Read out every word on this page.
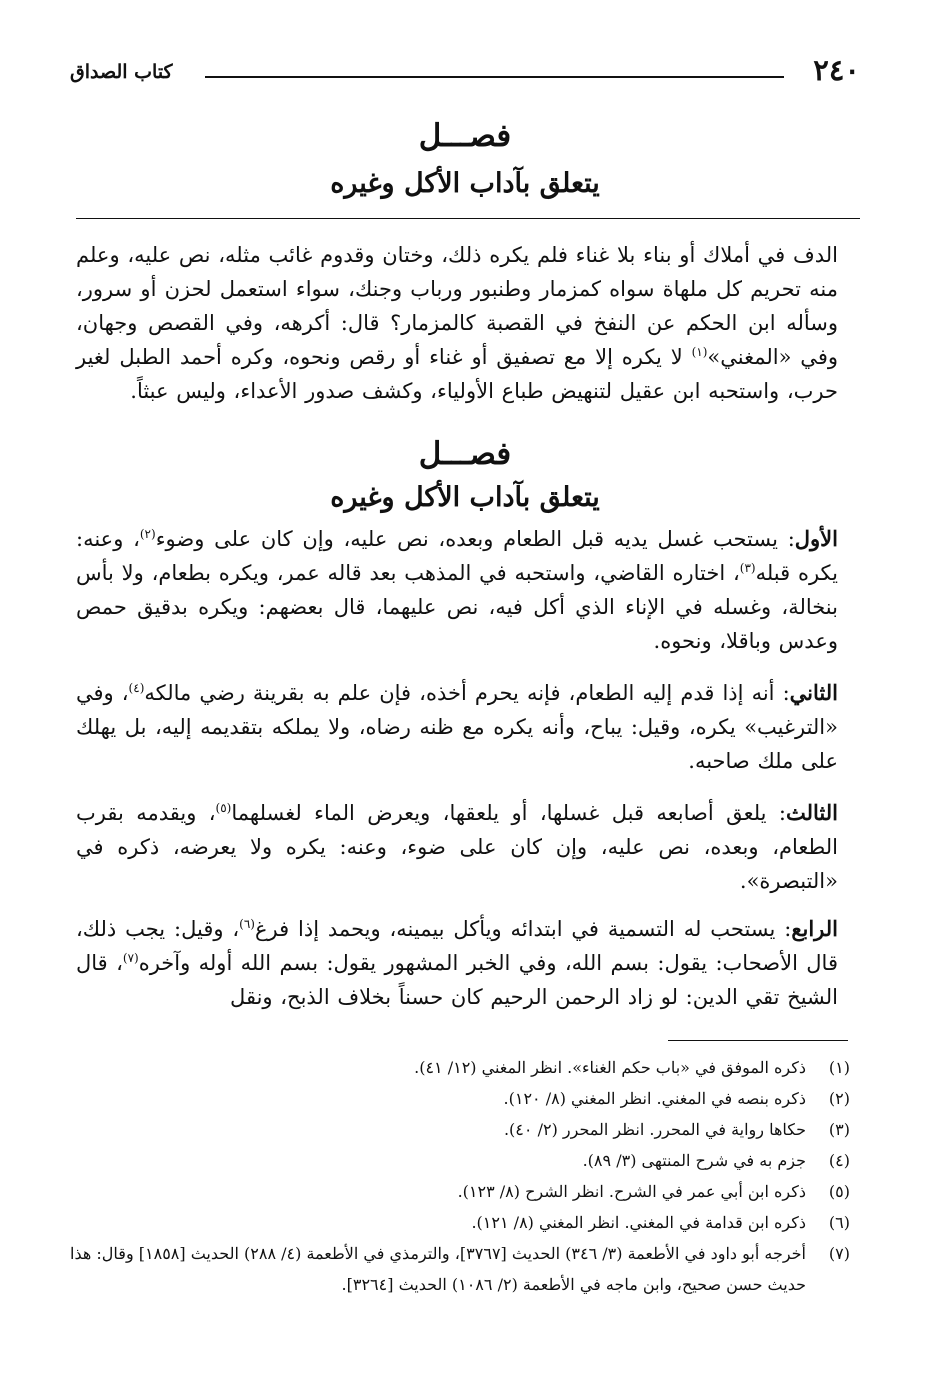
٢٤٠
كتاب الصداق
فصـــل
يتعلق بآداب الأكل وغيره

الدف في أملاك أو بناء بلا غناء فلم يكره ذلك، وختان وقدوم غائب مثله، نص عليه، وعلم منه تحريم كل ملهاة سواه كمزمار وطنبور ورباب وجنك، سواء استعمل لحزن أو سرور، وسأله ابن الحكم عن النفخ في القصبة كالمزمار؟ قال: أكرهه، وفي القصص وجهان، وفي «المغني»$^{(١)}$ لا يكره إلا مع تصفيق أو غناء أو رقص ونحوه، وكره أحمد الطبل لغير حرب، واستحبه ابن عقيل لتنهيض طباع الأولياء، وكشف صدور الأعداء، وليس عبثاً.

فصـــل
يتعلق بآداب الأكل وغيره

الأول: يستحب غسل يديه قبل الطعام وبعده، نص عليه، وإن كان على وضوء$^{(٢)}$، وعنه: يكره قبله$^{(٣)}$، اختاره القاضي، واستحبه في المذهب بعد قاله عمر، ويكره بطعام، ولا بأس بنخالة، وغسله في الإناء الذي أكل فيه، نص عليهما، قال بعضهم: ويكره بدقيق حمص وعدس وباقلا، ونحوه.

الثاني: أنه إذا قدم إليه الطعام، فإنه يحرم أخذه، فإن علم به بقرينة رضي مالكه$^{(٤)}$، وفي «الترغيب» يكره، وقيل: يباح، وأنه يكره مع ظنه رضاه، ولا يملكه بتقديمه إليه، بل يهلك على ملك صاحبه.

الثالث: يلعق أصابعه قبل غسلها، أو يلعقها، ويعرض الماء لغسلهما$^{(٥)}$، ويقدمه بقرب الطعام، وبعده، نص عليه، وإن كان على ضوء، وعنه: يكره ولا يعرضه، ذكره في «التبصرة».

الرابع: يستحب له التسمية في ابتدائه ويأكل بيمينه، ويحمد إذا فرغ$^{(٦)}$، وقيل: يجب ذلك، قال الأصحاب: يقول: بسم الله، وفي الخبر المشهور يقول: بسم الله أوله وآخره$^{(٧)}$، قال الشيخ تقي الدين: لو زاد الرحمن الرحيم كان حسناً بخلاف الذبح، ونقل

(١)
ذكره الموفق في «باب حكم الغناء». انظر المغني (١٢/ ٤١).
(٢)
ذكره بنصه في المغني. انظر المغني (٨/ ١٢٠).
(٣)
حكاها رواية في المحرر. انظر المحرر (٢/ ٤٠).
(٤)
جزم به في شرح المنتهى (٣/ ٨٩).
(٥)
ذكره ابن أبي عمر في الشرح. انظر الشرح (٨/ ١٢٣).
(٦)
ذكره ابن قدامة في المغني. انظر المغني (٨/ ١٢١).
(٧)
أخرجه أبو داود في الأطعمة (٣/ ٣٤٦) الحديث [٣٧٦٧]، والترمذي في الأطعمة (٤/ ٢٨٨) الحديث [١٨٥٨] وقال: هذا حديث حسن صحيح، وابن ماجه في الأطعمة (٢/ ١٠٨٦) الحديث [٣٢٦٤].
